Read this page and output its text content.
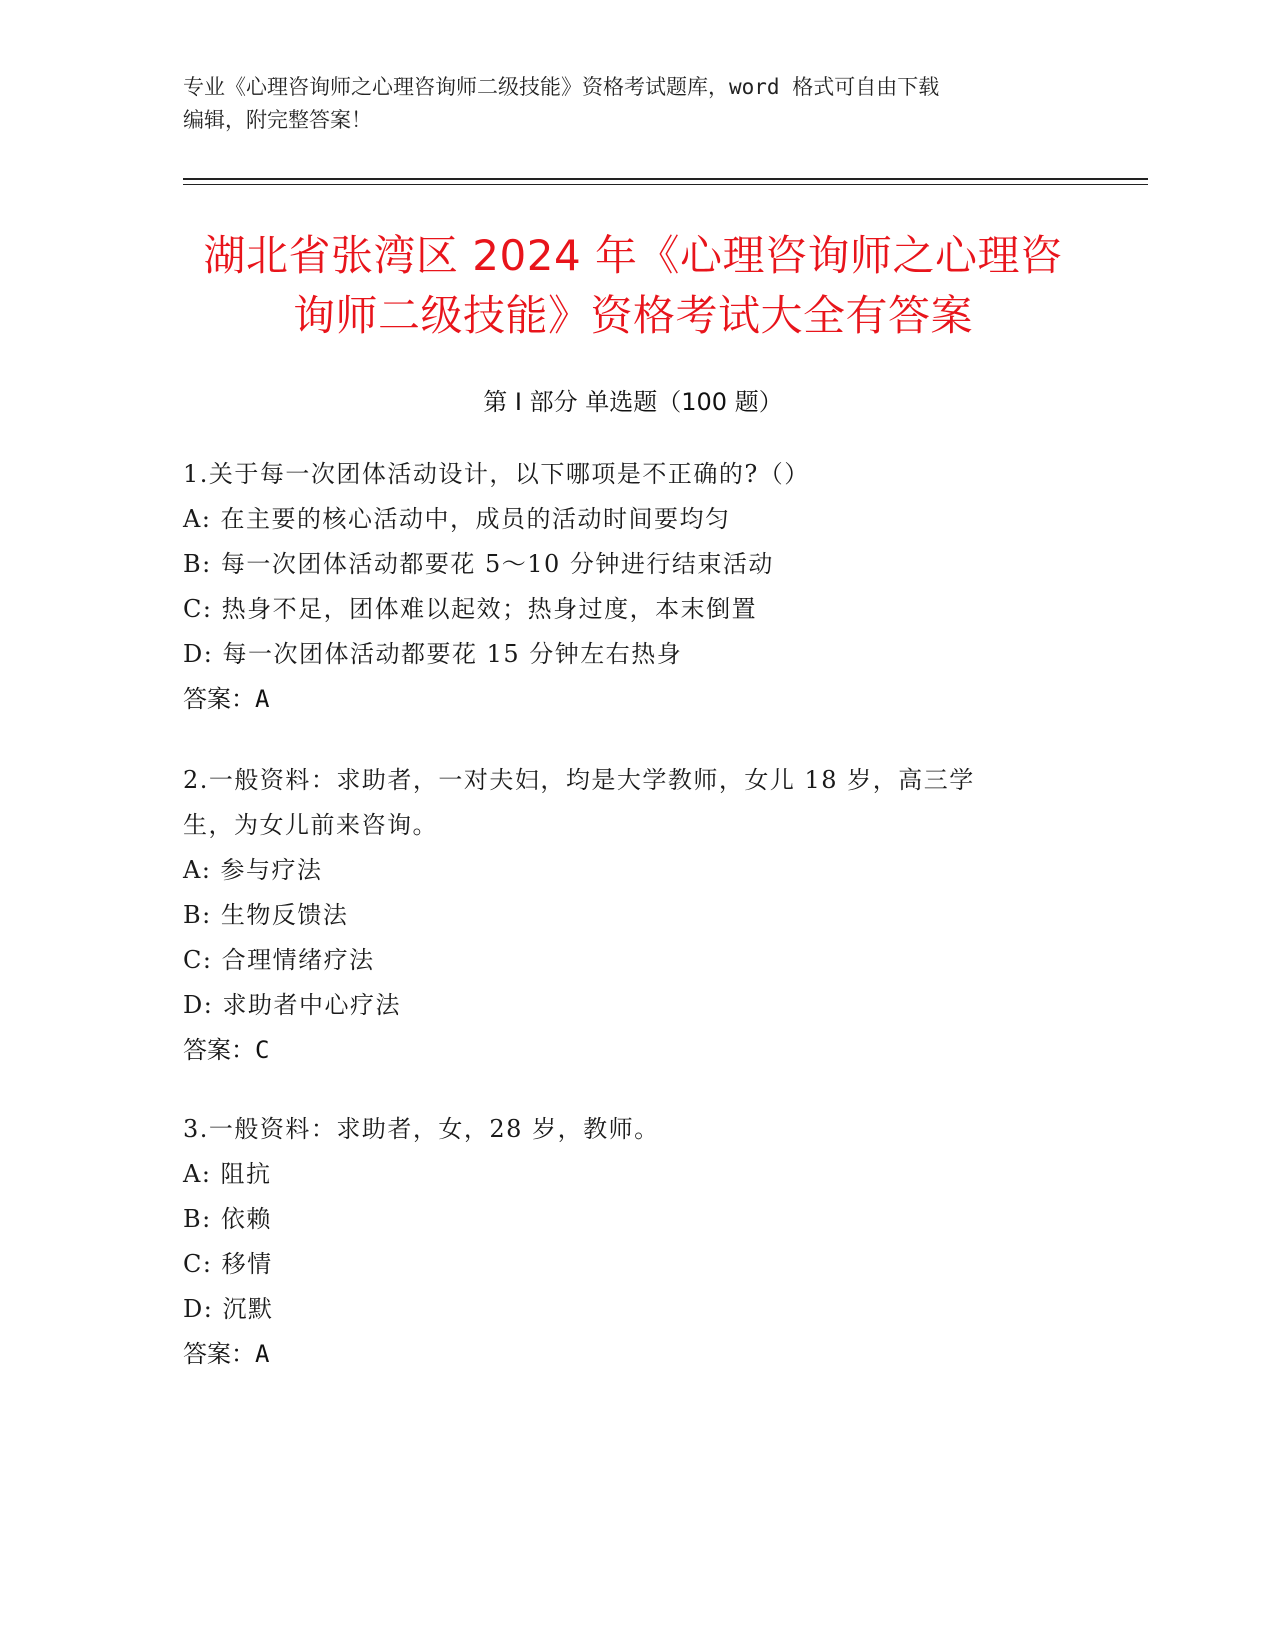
专业《心理咨询师之心理咨询师二级技能》资格考试题库，word 格式可自由下载
编辑，附完整答案！
湖北省张湾区 2024 年《心理咨询师之心理咨
询师二级技能》资格考试大全有答案
第 I 部分 单选题（100 题）
1.关于每一次团体活动设计，以下哪项是不正确的?（）
A: 在主要的核心活动中，成员的活动时间要均匀
B: 每一次团体活动都要花 5～10 分钟进行结束活动
C: 热身不足，团体难以起效；热身过度，本末倒置
D: 每一次团体活动都要花 15 分钟左右热身
答案：A
2.一般资料：求助者，一对夫妇，均是大学教师，女儿 18 岁，高三学
生，为女儿前来咨询。
A: 参与疗法
B: 生物反馈法
C: 合理情绪疗法
D: 求助者中心疗法
答案：C
3.一般资料：求助者，女，28 岁，教师。
A: 阻抗
B: 依赖
C: 移情
D: 沉默
答案：A
